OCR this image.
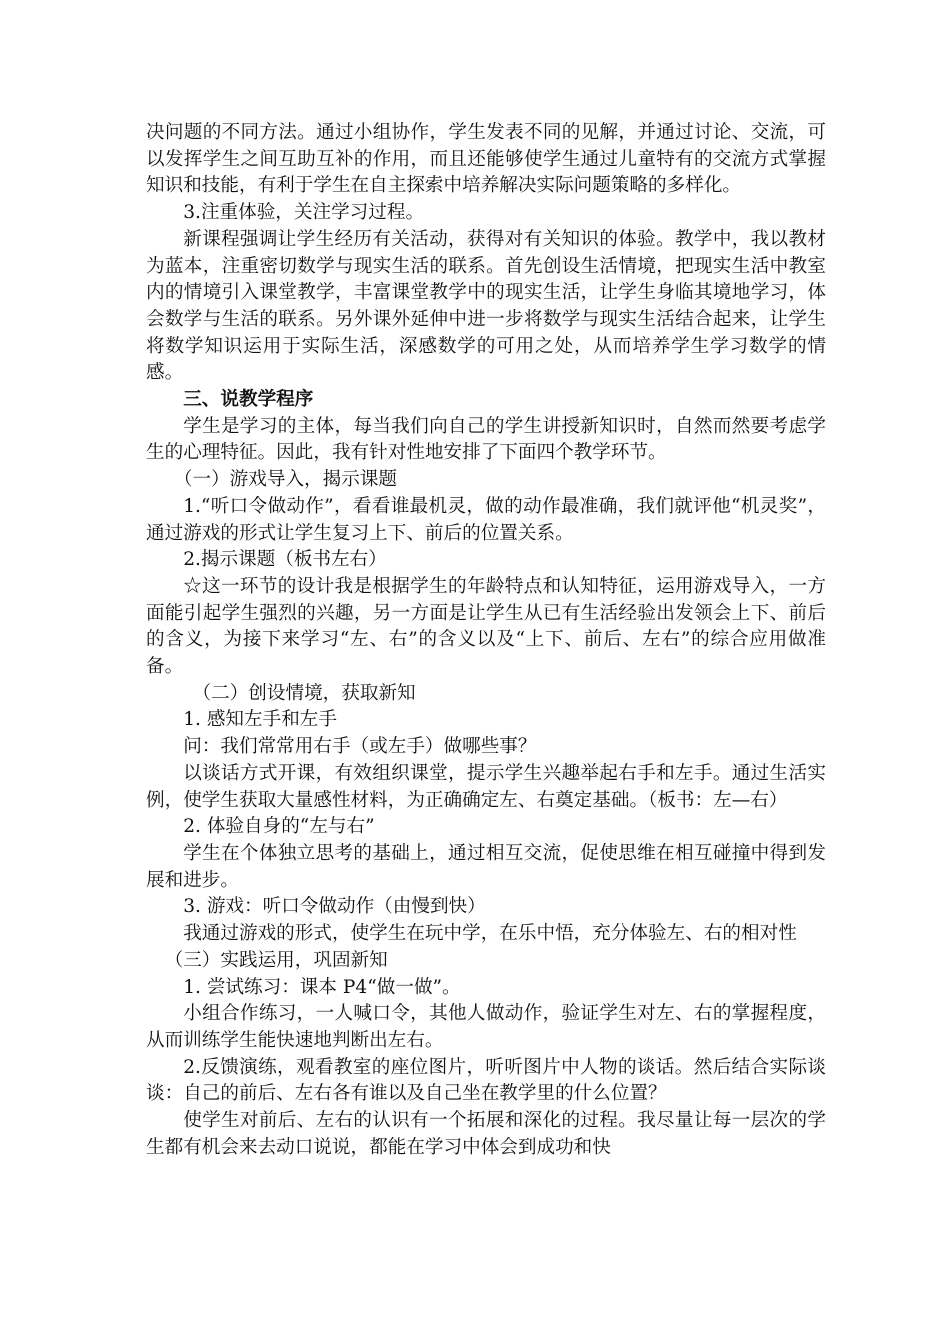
决问题的不同方法。通过小组协作，学生发表不同的见解，并通过讨论、交流，可以发挥学生之间互助互补的作用，而且还能够使学生通过儿童特有的交流方式掌握知识和技能，有利于学生在自主探索中培养解决实际问题策略的多样化。

3.注重体验，关注学习过程。

新课程强调让学生经历有关活动，获得对有关知识的体验。教学中，我以教材为蓝本，注重密切数学与现实生活的联系。首先创设生活情境，把现实生活中教室内的情境引入课堂教学，丰富课堂教学中的现实生活，让学生身临其境地学习，体会数学与生活的联系。另外课外延伸中进一步将数学与现实生活结合起来，让学生将数学知识运用于实际生活，深感数学的可用之处，从而培养学生学习数学的情感。

三、说教学程序

学生是学习的主体，每当我们向自己的学生讲授新知识时，自然而然要考虑学生的心理特征。因此，我有针对性地安排了下面四个教学环节。

（一）游戏导入，揭示课题

1.“听口令做动作”，看看谁最机灵，做的动作最准确，我们就评他“机灵奖”，通过游戏的形式让学生复习上下、前后的位置关系。

2.揭示课题（板书左右）

☆这一环节的设计我是根据学生的年龄特点和认知特征，运用游戏导入，一方面能引起学生强烈的兴趣，另一方面是让学生从已有生活经验出发领会上下、前后的含义，为接下来学习“左、右”的含义以及“上下、前后、左右”的综合应用做准备。

（二）创设情境，获取新知

1. 感知左手和左手

问：我们常常用右手（或左手）做哪些事？

以谈话方式开课，有效组织课堂，提示学生兴趣举起右手和左手。通过生活实例，使学生获取大量感性材料，为正确确定左、右奠定基础。（板书：左—右）

2. 体验自身的“左与右”

学生在个体独立思考的基础上，通过相互交流，促使思维在相互碰撞中得到发展和进步。

3. 游戏：听口令做动作（由慢到快）

我通过游戏的形式，使学生在玩中学，在乐中悟，充分体验左、右的相对性

（三）实践运用，巩固新知

1. 尝试练习：课本 P4“做一做”。

小组合作练习，一人喊口令，其他人做动作，验证学生对左、右的掌握程度，从而训练学生能快速地判断出左右。

2.反馈演练，观看教室的座位图片，听听图片中人物的谈话。然后结合实际谈谈：自己的前后、左右各有谁以及自己坐在教学里的什么位置？

使学生对前后、左右的认识有一个拓展和深化的过程。我尽量让每一层次的学生都有机会来去动口说说，都能在学习中体会到成功和快
